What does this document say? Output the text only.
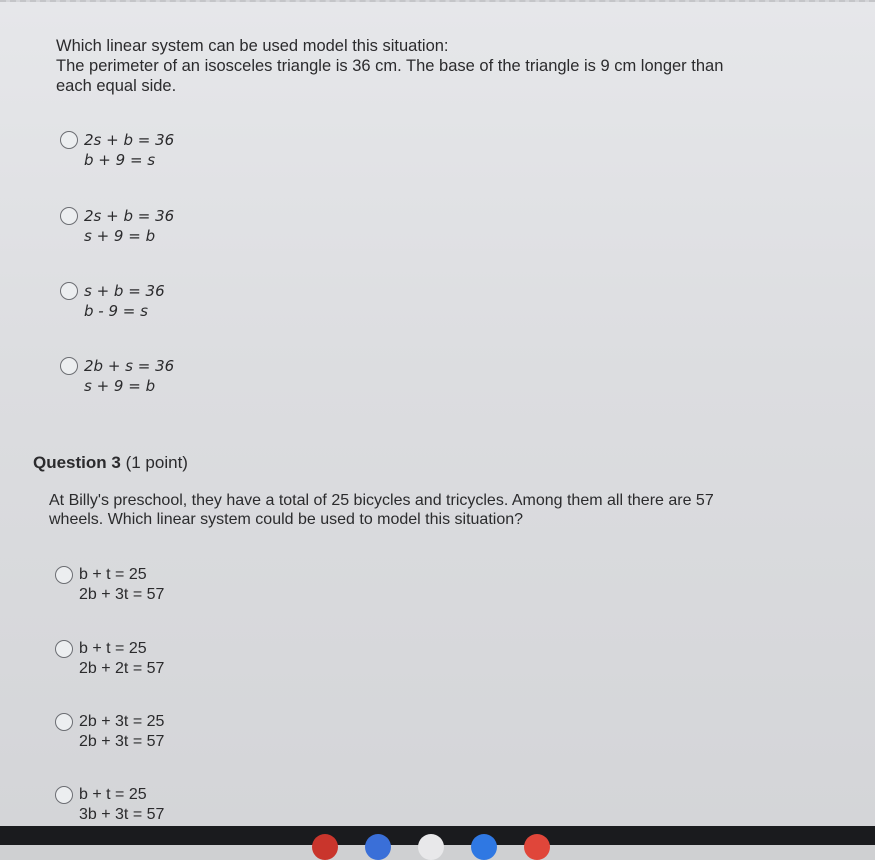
Which linear system can be used model this situation:
The perimeter of an isosceles triangle is 36 cm. The base of the triangle is 9 cm longer than
each equal side.
2s + b = 36
b + 9 = s
2s + b = 36
s + 9 = b
s + b = 36
b - 9 = s
2b + s = 36
s + 9 = b
Question 3 (1 point)
At Billy's preschool, they have a total of 25 bicycles and tricycles. Among them all there are 57
wheels. Which linear system could be used to model this situation?
b + t = 25
2b + 3t = 57
b + t = 25
2b + 2t = 57
2b + 3t = 25
2b + 3t = 57
b + t = 25
3b + 3t = 57
